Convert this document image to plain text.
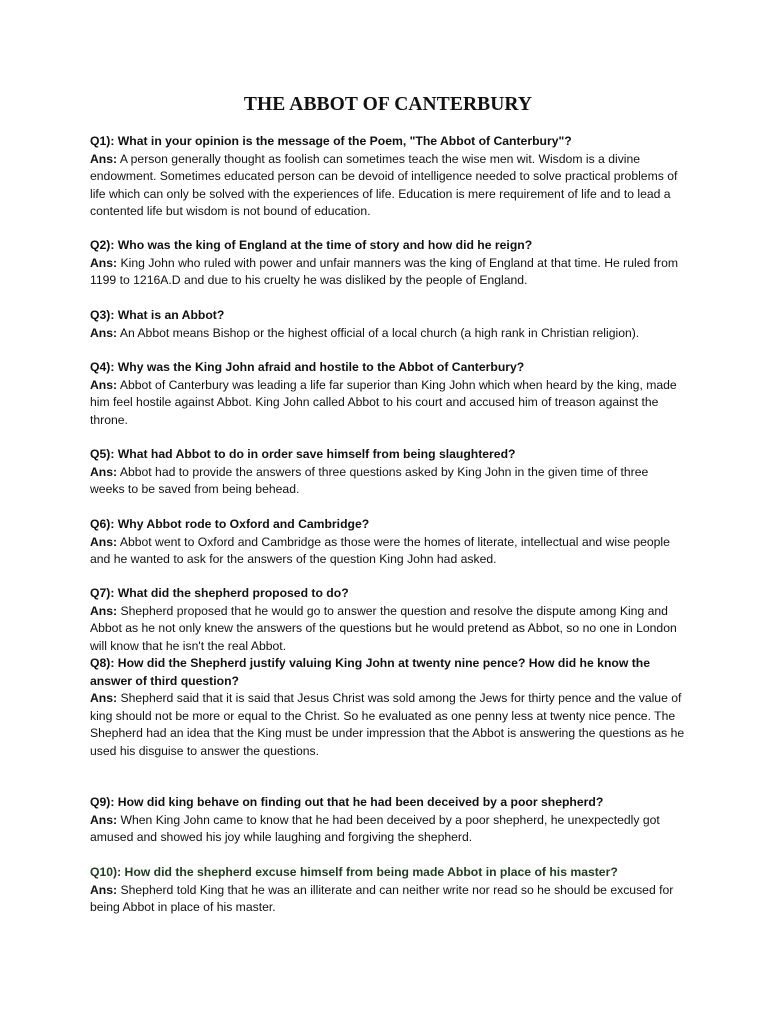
THE ABBOT OF CANTERBURY
Q1): What in your opinion is the message of the Poem, "The Abbot of Canterbury"?

Ans: A person generally thought as foolish can sometimes teach the wise men wit. Wisdom is a divine endowment. Sometimes educated person can be devoid of intelligence needed to solve practical problems of life which can only be solved with the experiences of life. Education is mere requirement of life and to lead a contented life but wisdom is not bound of education.

Q2): Who was the king of England at the time of story and how did he reign?

Ans: King John who ruled with power and unfair manners was the king of England at that time. He ruled from 1199 to 1216A.D and due to his cruelty he was disliked by the people of England.

Q3): What is an Abbot?

Ans: An Abbot means Bishop or the highest official of a local church (a high rank in Christian religion).

Q4): Why was the King John afraid and hostile to the Abbot of Canterbury?

Ans: Abbot of Canterbury was leading a life far superior than King John which when heard by the king, made him feel hostile against Abbot. King John called Abbot to his court and accused him of treason against the throne.

Q5): What had Abbot to do in order save himself from being slaughtered?

Ans: Abbot had to provide the answers of three questions asked by King John in the given time of three weeks to be saved from being behead.

Q6): Why Abbot rode to Oxford and Cambridge?

Ans: Abbot went to Oxford and Cambridge as those were the homes of literate, intellectual and wise people and he wanted to ask for the answers of the question King John had asked.

Q7): What did the shepherd proposed to do?

Ans: Shepherd proposed that he would go to answer the question and resolve the dispute among King and Abbot as he not only knew the answers of the questions but he would pretend as Abbot, so no one in London will know that he isn't the real Abbot.

Q8): How did the Shepherd justify valuing King John at twenty nine pence? How did he know the answer of third question?

Ans: Shepherd said that it is said that Jesus Christ was sold among the Jews for thirty pence and the value of king should not be more or equal to the Christ. So he evaluated as one penny less at twenty nice pence. The Shepherd had an idea that the King must be under impression that the Abbot is answering the questions as he used his disguise to answer the questions.

Q9): How did king behave on finding out that he had been deceived by a poor shepherd?

Ans: When King John came to know that he had been deceived by a poor shepherd, he unexpectedly got amused and showed his joy while laughing and forgiving the shepherd.

Q10): How did the shepherd excuse himself from being made Abbot in place of his master?

Ans: Shepherd told King that he was an illiterate and can neither write nor read so he should be excused for being Abbot in place of his master.
